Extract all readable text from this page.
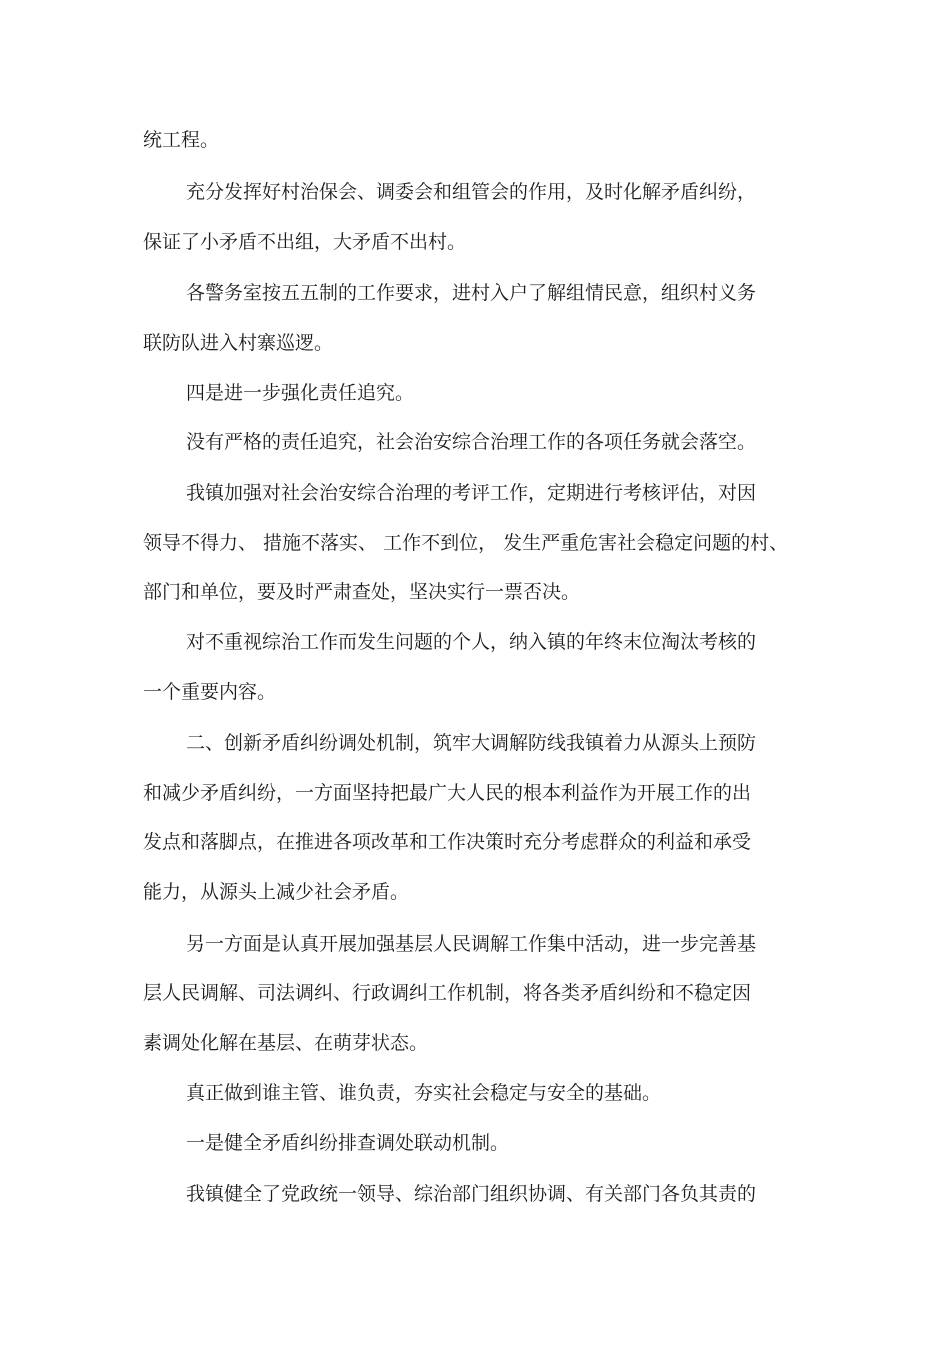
统工程。
充分发挥好村治保会、调委会和组管会的作用，及时化解矛盾纠纷，
保证了小矛盾不出组，大矛盾不出村。
各警务室按五五制的工作要求，进村入户了解组情民意，组织村义务
联防队进入村寨巡逻。
四是进一步强化责任追究。
没有严格的责任追究，社会治安综合治理工作的各项任务就会落空。
我镇加强对社会治安综合治理的考评工作，定期进行考核评估，对因
领导不得力、 措施不落实、 工作不到位， 发生严重危害社会稳定问题的村、
部门和单位，要及时严肃查处，坚决实行一票否决。
对不重视综治工作而发生问题的个人，纳入镇的年终末位淘汰考核的
一个重要内容。
二、创新矛盾纠纷调处机制，筑牢大调解防线我镇着力从源头上预防
和减少矛盾纠纷，一方面坚持把最广大人民的根本利益作为开展工作的出
发点和落脚点，在推进各项改革和工作决策时充分考虑群众的利益和承受
能力，从源头上减少社会矛盾。
另一方面是认真开展加强基层人民调解工作集中活动，进一步完善基
层人民调解、司法调纠、行政调纠工作机制，将各类矛盾纠纷和不稳定因
素调处化解在基层、在萌芽状态。
真正做到谁主管、谁负责，夯实社会稳定与安全的基础。
一是健全矛盾纠纷排查调处联动机制。
我镇健全了党政统一领导、综治部门组织协调、有关部门各负其责的
